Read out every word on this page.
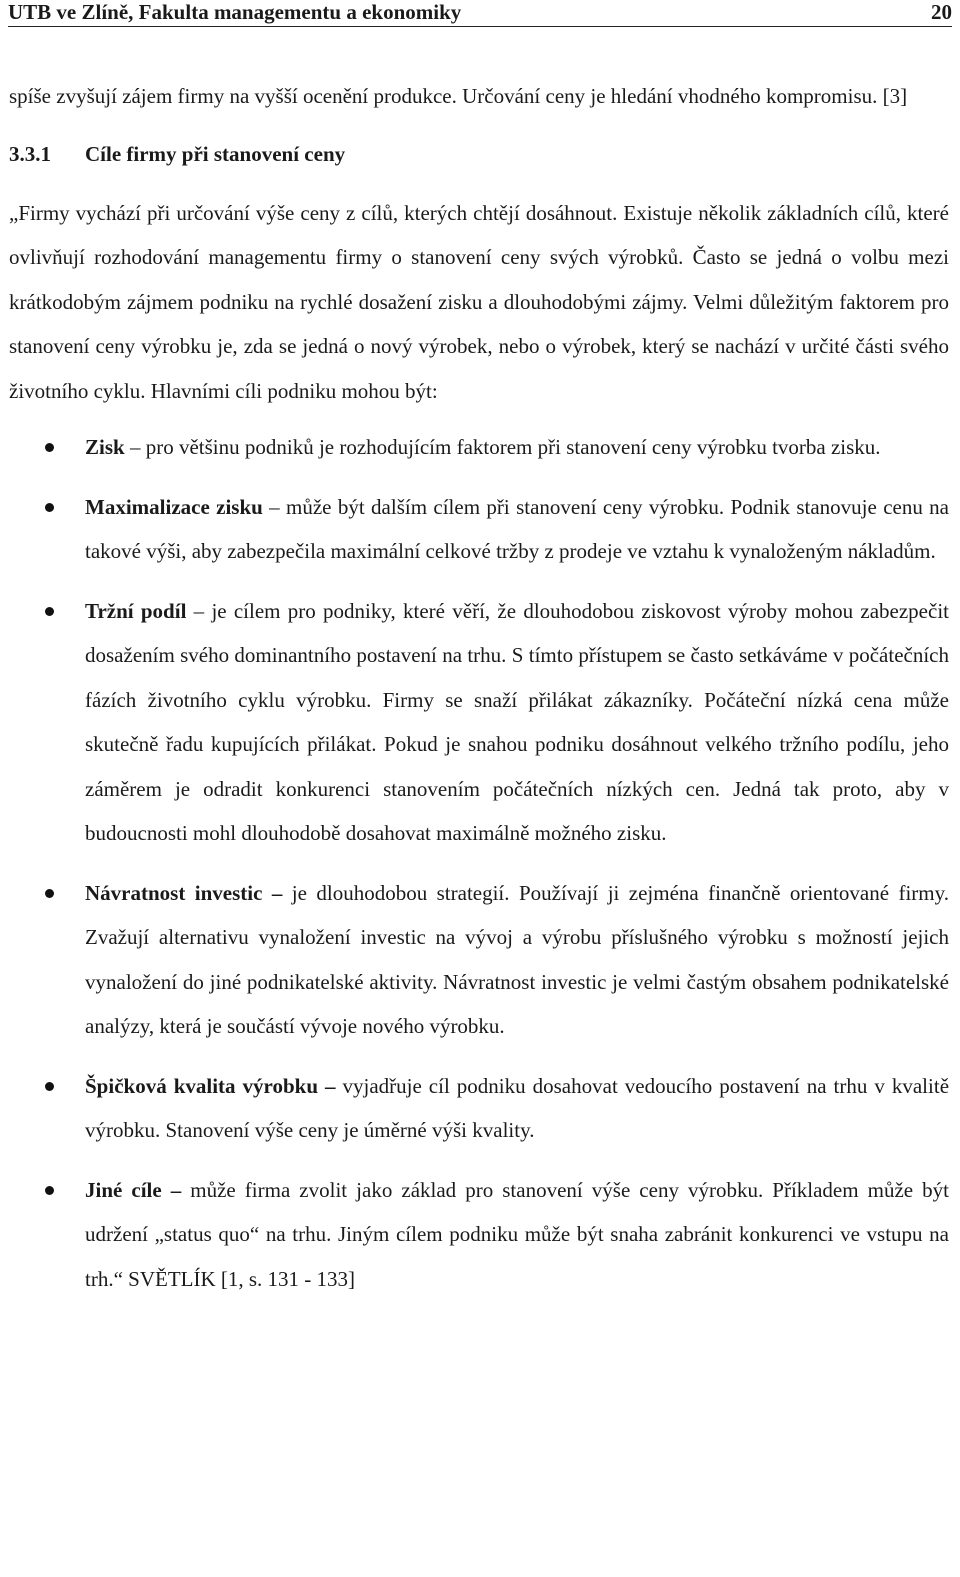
UTB ve Zlíně, Fakulta managementu a ekonomiky	20

spíše zvyšují zájem firmy na vyšší ocenění produkce. Určování ceny je hledání vhodného kompromisu. [3]

3.3.1 Cíle firmy při stanovení ceny

„Firmy vychází při určování výše ceny z cílů, kterých chtějí dosáhnout. Existuje několik základních cílů, které ovlivňují rozhodování managementu firmy o stanovení ceny svých výrobků. Často se jedná o volbu mezi krátkodobým zájmem podniku na rychlé dosažení zisku a dlouhodobými zájmy. Velmi důležitým faktorem pro stanovení ceny výrobku je, zda se jedná o nový výrobek, nebo o výrobek, který se nachází v určité části svého životního cyklu. Hlavními cíli podniku mohou být:

Zisk – pro většinu podniků je rozhodujícím faktorem při stanovení ceny výrobku tvorba zisku.
Maximalizace zisku – může být dalším cílem při stanovení ceny výrobku. Podnik stanovuje cenu na takové výši, aby zabezpečila maximální celkové tržby z prodeje ve vztahu k vynaloženým nákladům.
Tržní podíl – je cílem pro podniky, které věří, že dlouhodobou ziskovost výroby mohou zabezpečit dosažením svého dominantního postavení na trhu. S tímto přístupem se často setkáváme v počátečních fázích životního cyklu výrobku. Firmy se snaží přilákat zákazníky. Počáteční nízká cena může skutečně řadu kupujících přilákat. Pokud je snahou podniku dosáhnout velkého tržního podílu, jeho záměrem je odradit konkurenci stanovením počátečních nízkých cen. Jedná tak proto, aby v budoucnosti mohl dlouhodobě dosahovat maximálně možného zisku.
Návratnost investic – je dlouhodobou strategií. Používají ji zejména finančně orientované firmy. Zvažují alternativu vynaložení investic na vývoj a výrobu příslušného výrobku s možností jejich vynaložení do jiné podnikatelské aktivity. Návratnost investic je velmi častým obsahem podnikatelské analýzy, která je součástí vývoje nového výrobku.
Špičková kvalita výrobku – vyjadřuje cíl podniku dosahovat vedoucího postavení na trhu v kvalitě výrobku. Stanovení výše ceny je úměrné výši kvality.
Jiné cíle – může firma zvolit jako základ pro stanovení výše ceny výrobku. Příkladem může být udržení „status quo“ na trhu. Jiným cílem podniku může být snaha zabránit konkurenci ve vstupu na trh.“ SVĚTLÍK [1, s. 131 - 133]
